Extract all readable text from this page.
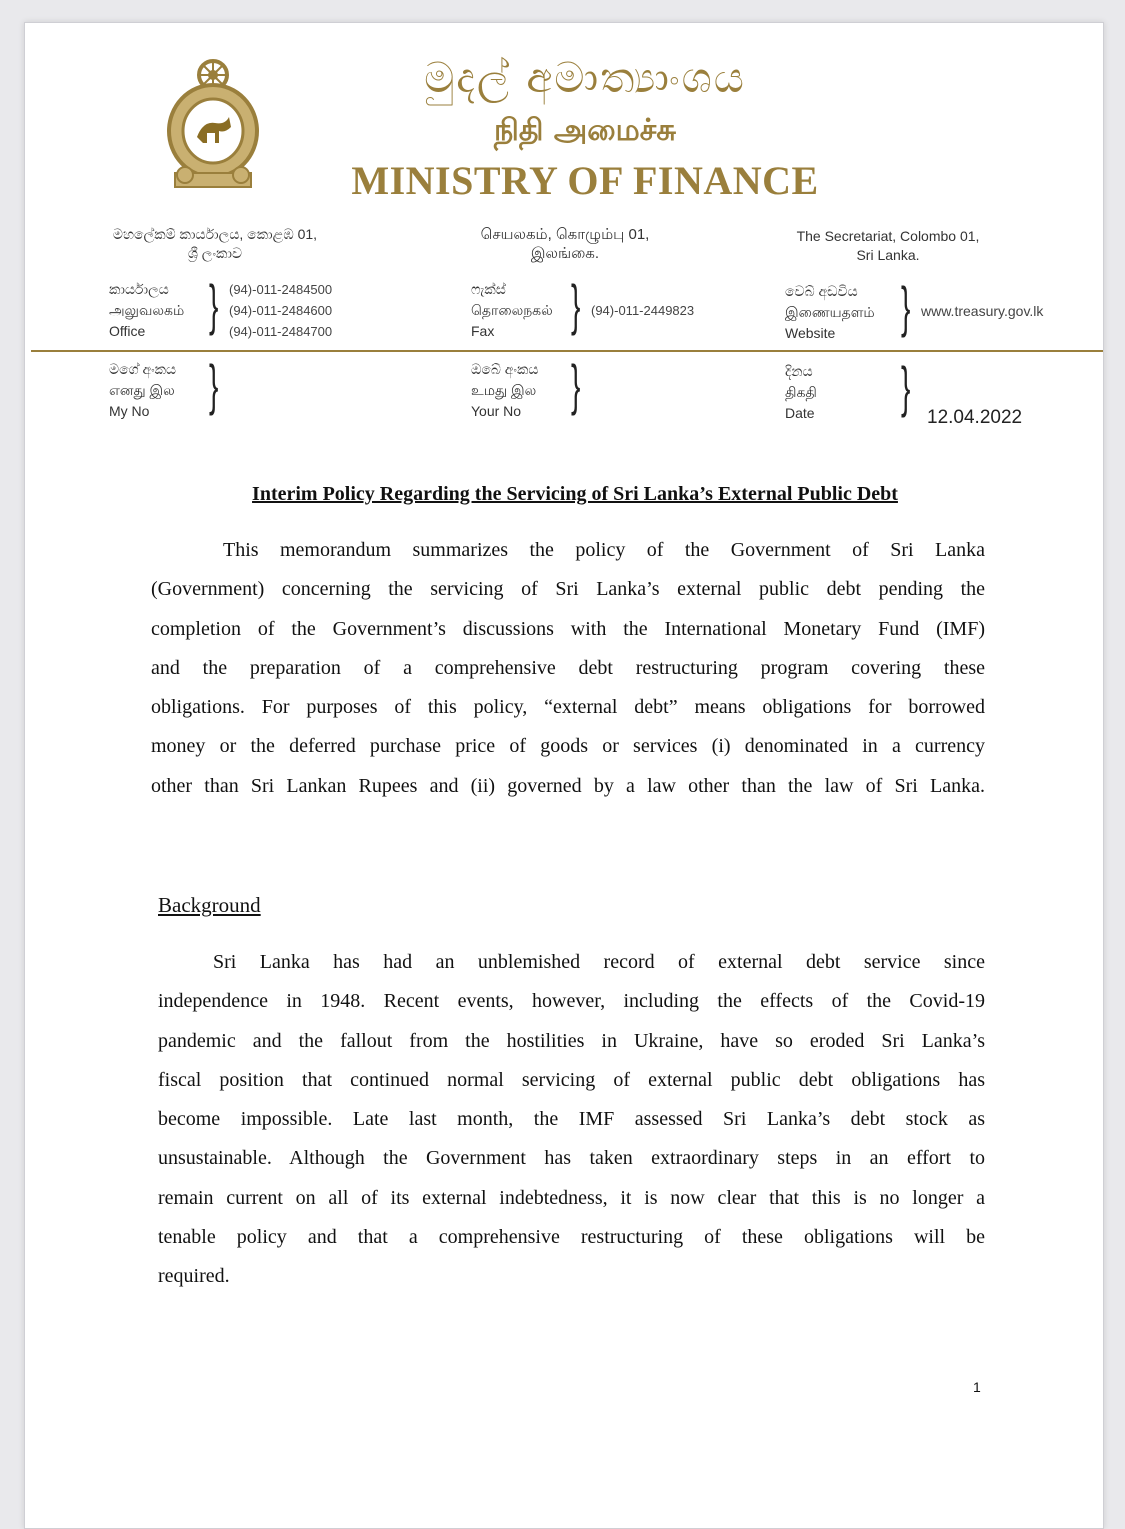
මුදල් අමාත්‍යාංශය
நிதி அமைச்சு
MINISTRY OF FINANCE
මහලේකම් කාර්යාලය, කොළඹ 01,
ශ්‍රී ලංකාව
செயலகம், கொழும்பு 01,
இலங்கை.
The Secretariat, Colombo 01,
Sri Lanka.
කාර්යාලය
அலுவலகம்
Office	} (94)-011-2484500
(94)-011-2484600
(94)-011-2484700
ෆැක්ස්
தொலைநகல்
Fax	} (94)-011-2449823
වෙබ් අඩවිය
இணையதளம்
Website	} www.treasury.gov.lk
මගේ අංකය
எனது இல
My No	}	ඔබේ අංකය
உமது இல
Your No }	දිනය
திகதி
Date } 12.04.2022
Interim Policy Regarding the Servicing of Sri Lanka’s External Public Debt
This memorandum summarizes the policy of the Government of Sri Lanka
(Government) concerning the servicing of Sri Lanka’s external public debt pending the
completion of the Government’s discussions with the International Monetary Fund (IMF)
and the preparation of a comprehensive debt restructuring program covering these
obligations. For purposes of this policy, “external debt” means obligations for borrowed
money or the deferred purchase price of goods or services (i) denominated in a currency
other than Sri Lankan Rupees and (ii) governed by a law other than the law of Sri Lanka.
Background
Sri Lanka has had an unblemished record of external debt service since
independence in 1948. Recent events, however, including the effects of the Covid-19
pandemic and the fallout from the hostilities in Ukraine, have so eroded Sri Lanka’s
fiscal position that continued normal servicing of external public debt obligations has
become impossible. Late last month, the IMF assessed Sri Lanka’s debt stock as
unsustainable. Although the Government has taken extraordinary steps in an effort to
remain current on all of its external indebtedness, it is now clear that this is no longer a
tenable policy and that a comprehensive restructuring of these obligations will be
required.
1
